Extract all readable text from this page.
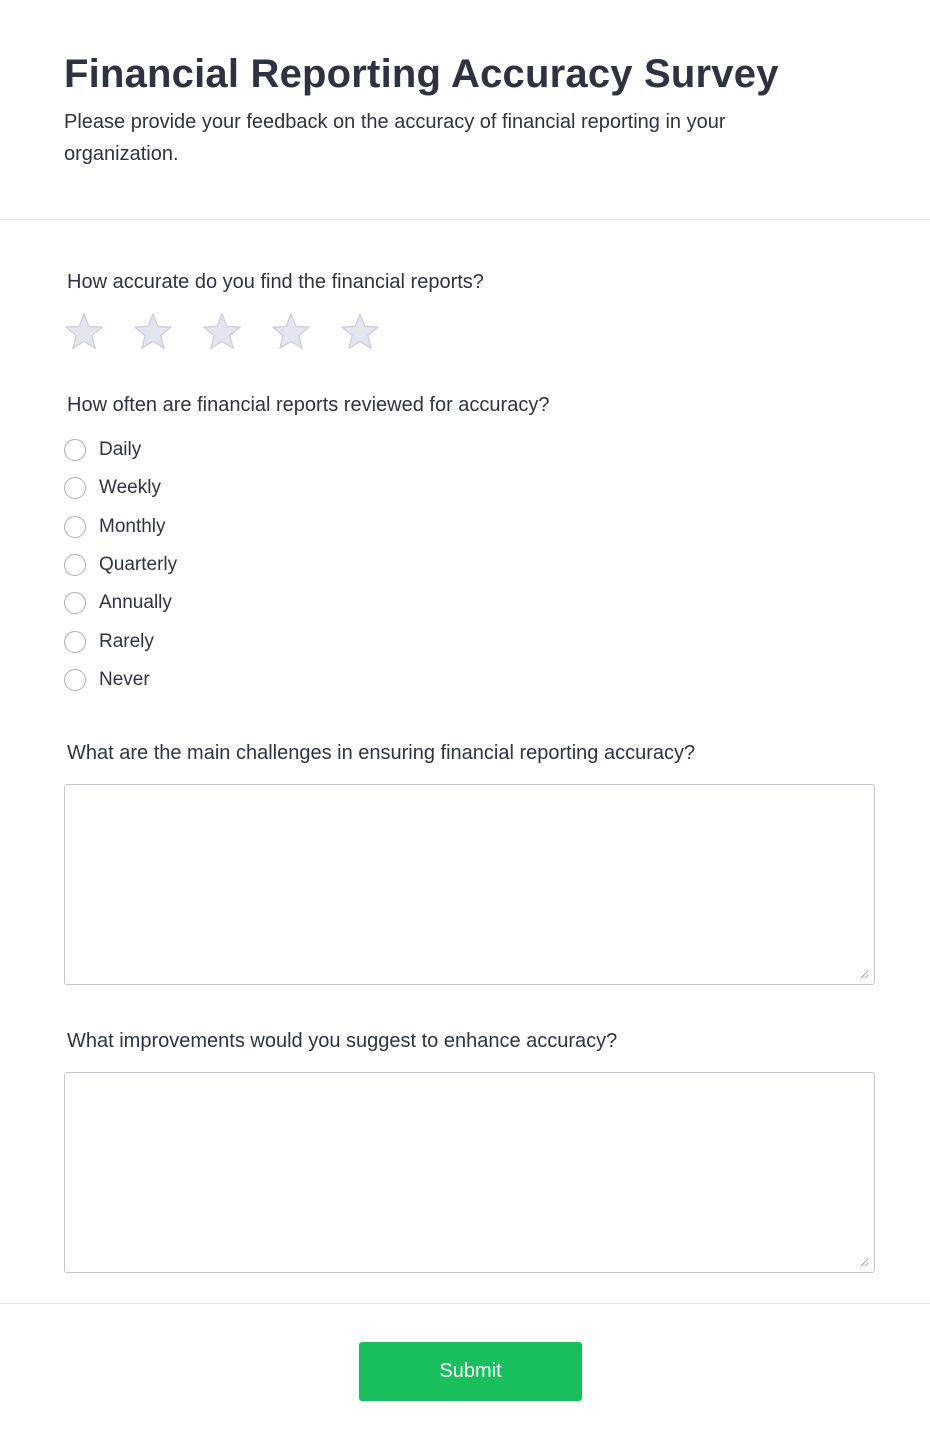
Financial Reporting Accuracy Survey

Please provide your feedback on the accuracy of financial reporting in your organization.

How accurate do you find the financial reports?

How often are financial reports reviewed for accuracy?

Daily
Weekly
Monthly
Quarterly
Annually
Rarely
Never

What are the main challenges in ensuring financial reporting accuracy?

What improvements would you suggest to enhance accuracy?

Submit
